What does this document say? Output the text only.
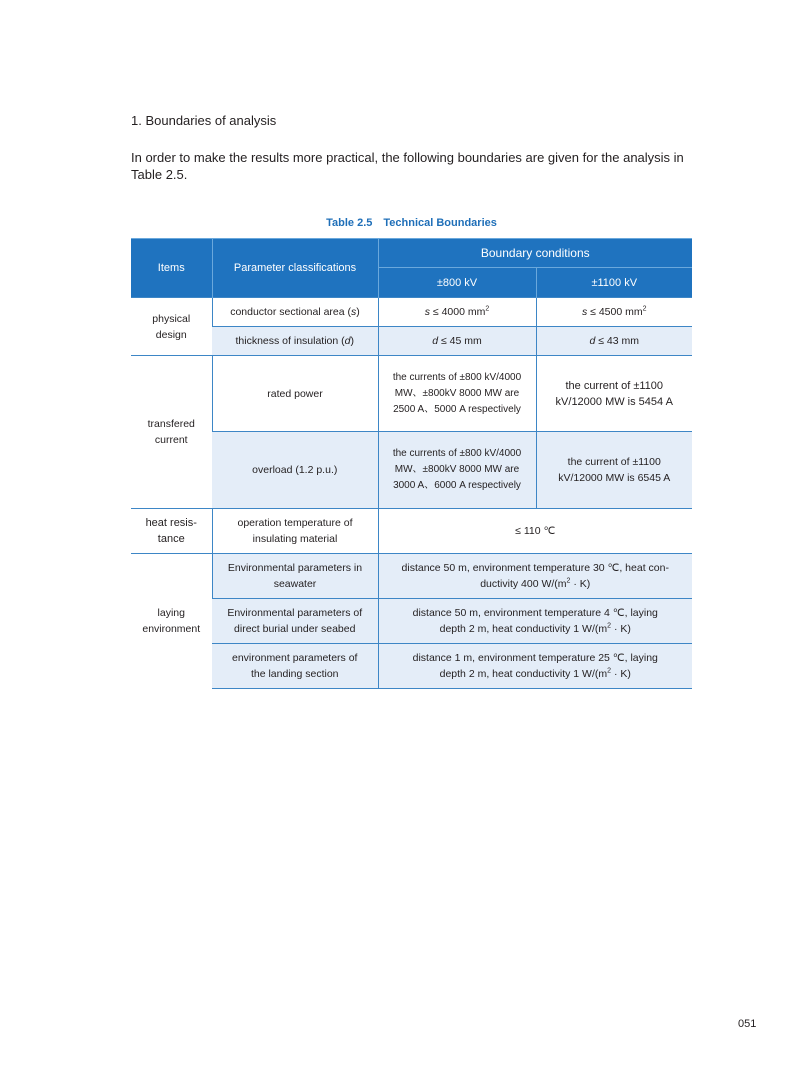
1. Boundaries of analysis
In order to make the results more practical, the following boundaries are given for the analysis in Table 2.5.
Table 2.5　Technical Boundaries
Items	Parameter classifications	Boundary conditions	
		±800 kV	±1100 kV
physical design	conductor sectional area (s)	s ≤ 4000 $mm^2$	s ≤ 4500 $mm^2$
	thickness of insulation (d)	d ≤ 45 mm	d ≤ 43 mm
transfered current	rated power	the currents of ±800 kV/4000 MW、±800kV 8000 MW are 2500 A、5000 A respectively	the current of ±1100 kV/12000 MW is 5454 A
	overload (1.2 p.u.)	the currents of ±800 kV/4000 MW、±800kV 8000 MW are 3000 A、6000 A respectively	the current of ±1100 kV/12000 MW is 6545 A
heat resis-tance	operation temperature of insulating material	≤ 110 ℃	
laying environment	Environmental parameters in seawater	distance 50 m, environment temperature 30 ℃, heat con-ductivity 400 $W/(m^2 \cdot K)$	
	Environmental parameters of direct burial under seabed	distance 50 m, environment temperature 4 ℃, laying depth 2 m, heat conductivity 1 $W/(m^2 \cdot K)$	
	environment parameters of the landing section	distance 1 m, environment temperature 25 ℃, laying depth 2 m, heat conductivity 1 $W/(m^2 \cdot K)$	
051
